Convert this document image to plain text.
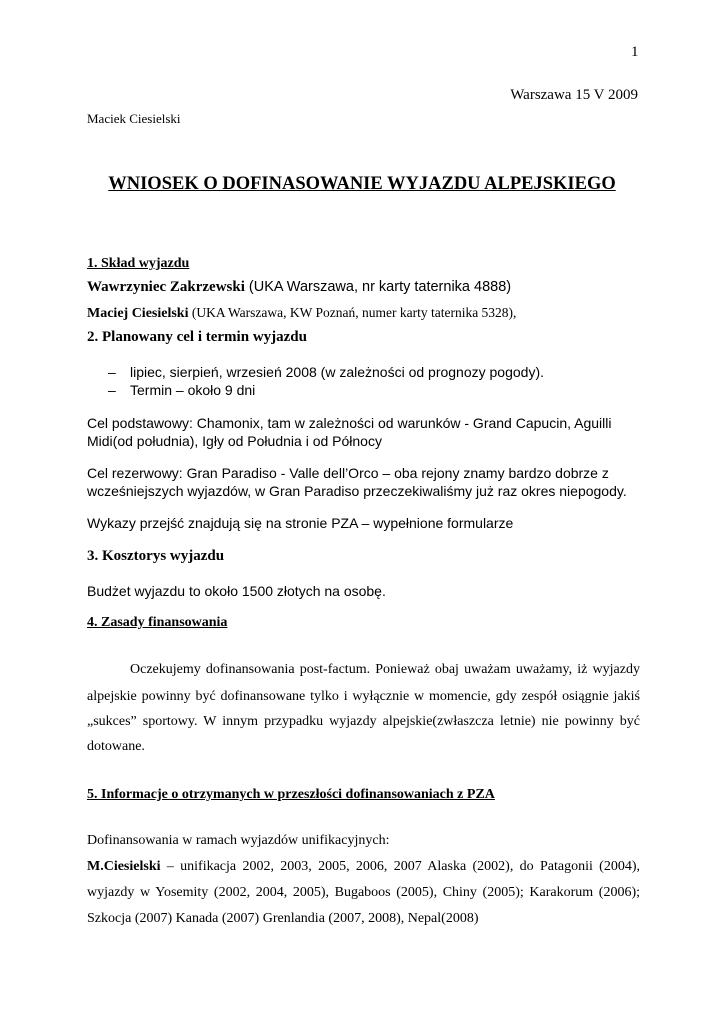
1
Warszawa 15 V 2009
Maciek Ciesielski
WNIOSEK O DOFINASOWANIE WYJAZDU ALPEJSKIEGO
1. Skład wyjazdu
Wawrzyniec Zakrzewski (UKA Warszawa, nr karty taternika 4888)
Maciej Ciesielski (UKA Warszawa, KW Poznań, numer karty taternika 5328),
2. Planowany cel i termin wyjazdu
– lipiec, sierpień, wrzesień 2008 (w zależności od prognozy pogody).
– Termin – około 9 dni
Cel podstawowy: Chamonix, tam w zależności od warunków - Grand Capucin, Aguilli
Midi(od południa), Igły od Południa i od Północy
Cel rezerwowy: Gran Paradiso - Valle dell’Orco – oba rejony znamy bardzo dobrze z
wcześniejszych wyjazdów, w Gran Paradiso przeczekiwaliśmy już raz okres niepogody.
Wykazy przejść znajdują się na stronie PZA – wypełnione formularze
3. Kosztorys wyjazdu
Budżet wyjazdu to około 1500 złotych na osobę.
4. Zasady finansowania
Oczekujemy dofinansowania post-factum. Ponieważ obaj uważam uważamy, iż wyjazdy
alpejskie powinny być dofinansowane tylko i wyłącznie w momencie, gdy zespół osiągnie jakiś
„sukces” sportowy. W innym przypadku wyjazdy alpejskie(zwłaszcza letnie) nie powinny być
dotowane.
5. Informacje o otrzymanych w przeszłości dofinansowaniach z PZA
Dofinansowania w ramach wyjazdów unifikacyjnych:
M.Ciesielski – unifikacja 2002, 2003, 2005, 2006, 2007 Alaska (2002), do Patagonii (2004),
wyjazdy w Yosemity (2002, 2004, 2005), Bugaboos (2005), Chiny (2005); Karakorum (2006);
Szkocja (2007) Kanada (2007) Grenlandia (2007, 2008), Nepal(2008)
